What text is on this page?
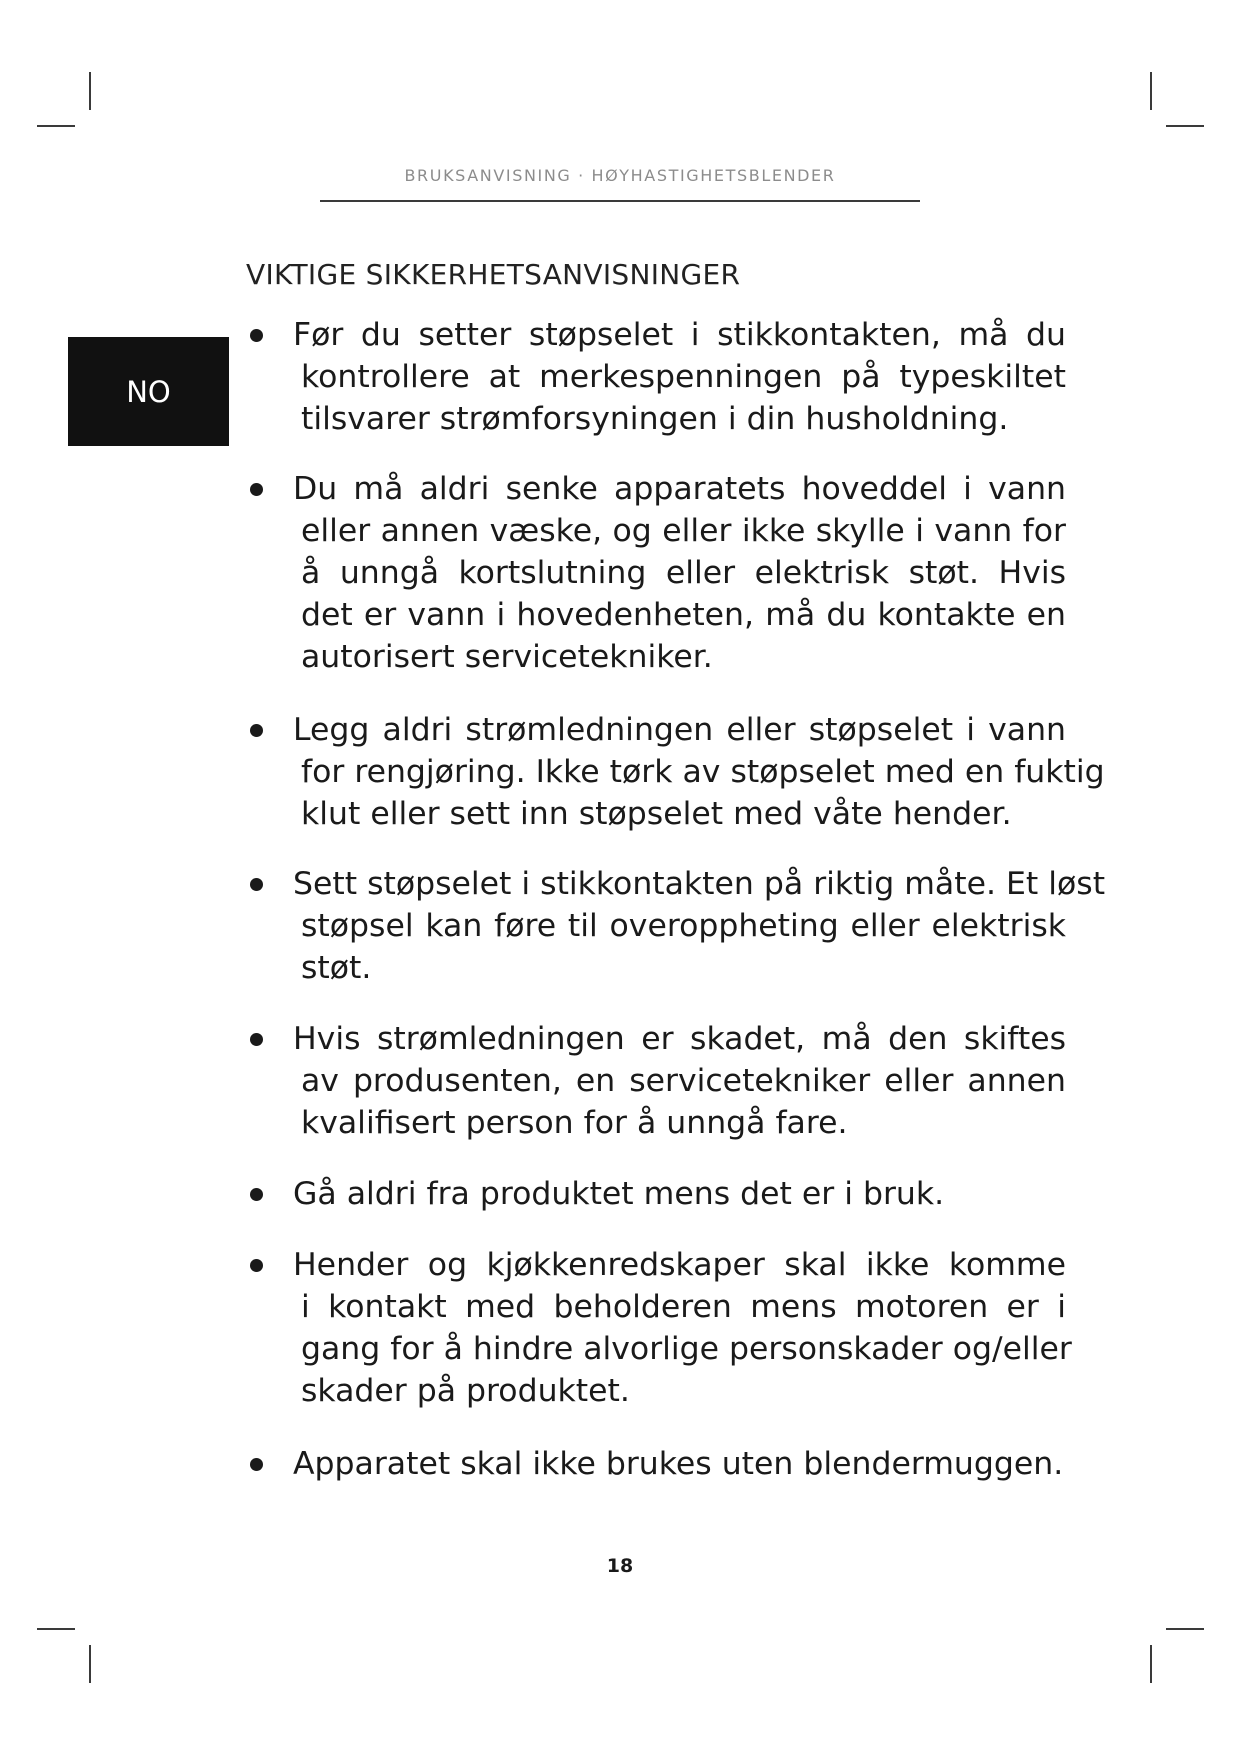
BRUKSANVISNING · HØYHASTIGHETSBLENDER
VIKTIGE SIKKERHETSANVISNINGER
NO

Før du setter støpselet i stikkontakten, må du
kontrollere at merkespenningen på typeskiltet
tilsvarer strømforsyningen i din husholdning.

Du må aldri senke apparatets hoveddel i vann
eller annen væske, og eller ikke skylle i vann for
å unngå kortslutning eller elektrisk støt. Hvis
det er vann i hovedenheten, må du kontakte en
autorisert servicetekniker.

Legg aldri strømledningen eller støpselet i vann
for rengjøring. Ikke tørk av støpselet med en fuktig
klut eller sett inn støpselet med våte hender.

Sett støpselet i stikkontakten på riktig måte. Et løst
støpsel kan føre til overoppheting eller elektrisk
støt.

Hvis strømledningen er skadet, må den skiftes
av produsenten, en servicetekniker eller annen
kvalifisert person for å unngå fare.

Gå aldri fra produktet mens det er i bruk.

Hender og kjøkkenredskaper skal ikke komme
i kontakt med beholderen mens motoren er i
gang for å hindre alvorlige personskader og/eller
skader på produktet.

Apparatet skal ikke brukes uten blendermuggen.

18
